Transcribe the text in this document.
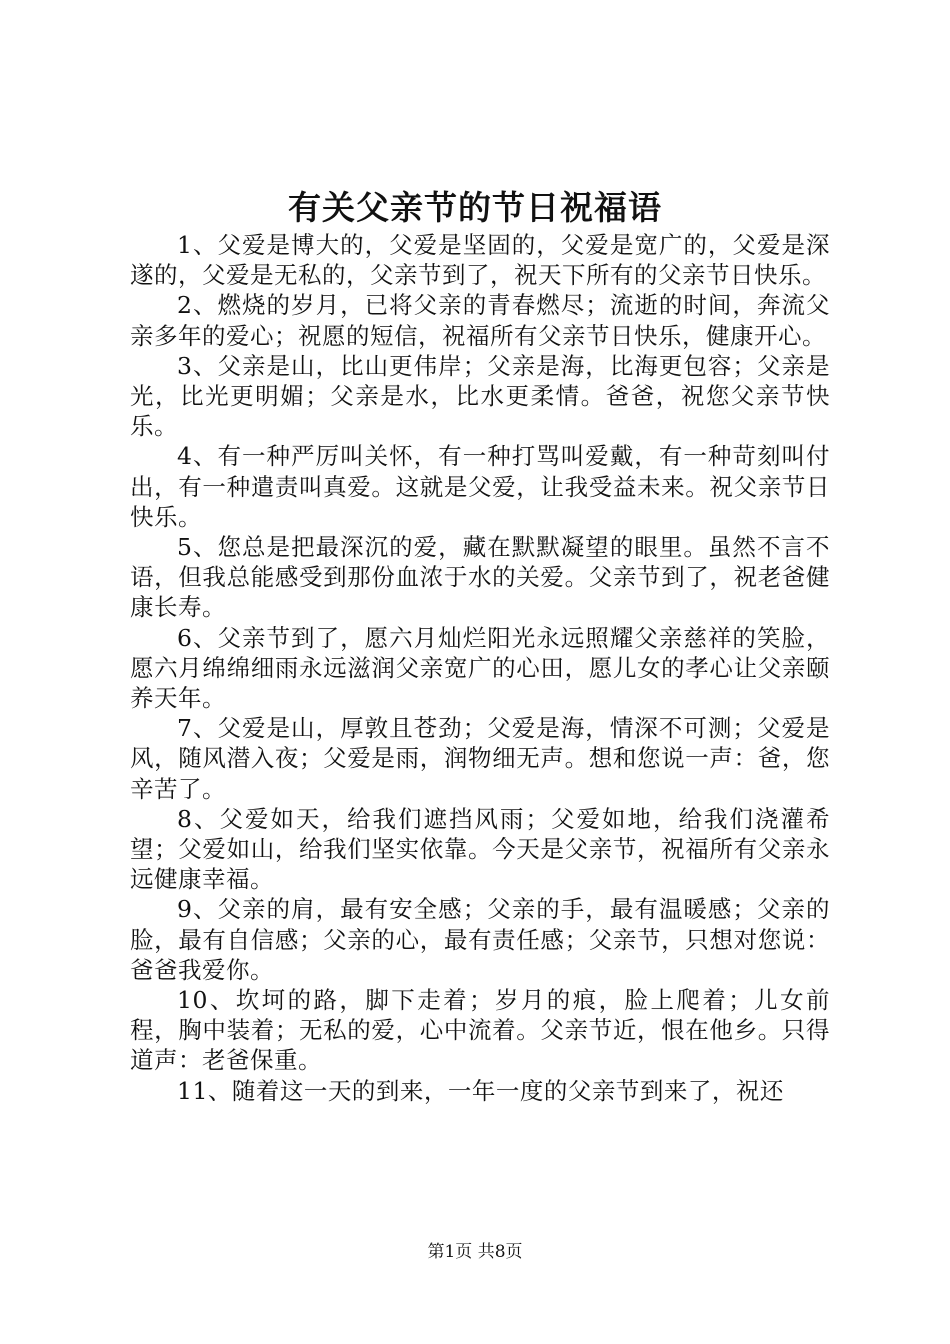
有关父亲节的节日祝福语

1、父爱是博大的，父爱是坚固的，父爱是宽广的，父爱是深遂的，父爱是无私的，父亲节到了，祝天下所有的父亲节日快乐。

2、燃烧的岁月，已将父亲的青春燃尽；流逝的时间，奔流父亲多年的爱心；祝愿的短信，祝福所有父亲节日快乐，健康开心。

3、父亲是山，比山更伟岸；父亲是海，比海更包容；父亲是光，比光更明媚；父亲是水，比水更柔情。爸爸，祝您父亲节快乐。

4、有一种严厉叫关怀，有一种打骂叫爱戴，有一种苛刻叫付出，有一种遣责叫真爱。这就是父爱，让我受益未来。祝父亲节日快乐。

5、您总是把最深沉的爱，藏在默默凝望的眼里。虽然不言不语，但我总能感受到那份血浓于水的关爱。父亲节到了，祝老爸健康长寿。

6、父亲节到了，愿六月灿烂阳光永远照耀父亲慈祥的笑脸，愿六月绵绵细雨永远滋润父亲宽广的心田，愿儿女的孝心让父亲颐养天年。

7、父爱是山，厚敦且苍劲；父爱是海，情深不可测；父爱是风，随风潜入夜；父爱是雨，润物细无声。想和您说一声：爸，您辛苦了。

8、父爱如天，给我们遮挡风雨；父爱如地，给我们浇灌希望；父爱如山，给我们坚实依靠。今天是父亲节，祝福所有父亲永远健康幸福。

9、父亲的肩，最有安全感；父亲的手，最有温暖感；父亲的脸，最有自信感；父亲的心，最有责任感；父亲节，只想对您说：爸爸我爱你。

10、坎坷的路，脚下走着；岁月的痕，脸上爬着；儿女前程，胸中装着；无私的爱，心中流着。父亲节近，恨在他乡。只得道声：老爸保重。

11、随着这一天的到来，一年一度的父亲节到来了，祝还

第1页 共8页
